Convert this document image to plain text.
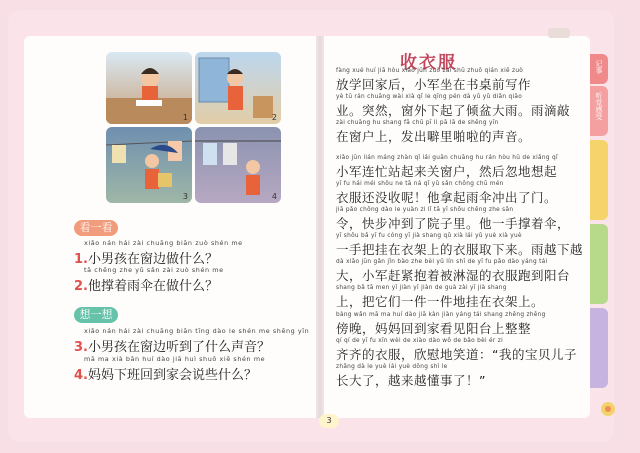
1	2
3	4
看一看
xiǎo nán hái zài chuāng biān zuò shén me
1.小男孩在窗边做什么？
tā chēng zhe yǔ sǎn zài zuò shén me
2.他撑着雨伞在做什么？
想一想
xiǎo nán hái zài chuāng biān tīng dào le shén me shēng yīn
3.小男孩在窗边听到了什么声音？
mā ma xià bān huí dào jiā huì shuō xiē shén me
4.妈妈下班回到家会说些什么？
收衣服
fàng xué huí jiā hòu xiǎo jūn zuò zài shū zhuō qián xiě zuò
放学回家后，小军坐在书桌前写作
yè tū rán chuāng wài xià qǐ le qīng pén dà yǔ yǔ diǎn qiāo
业。突然，窗外下起了倾盆大雨。雨滴敲
zài chuāng hu shang fā chū pī li pā lā de shēng yīn
在窗户上，发出噼里啪啦的声音。
xiǎo jūn lián máng zhàn qǐ lái guān chuāng hu rán hòu hū de xiǎng qǐ
小军连忙站起来关窗户，然后忽地想起
yī fu hái méi shōu ne tā ná qǐ yǔ sǎn chōng chū mén
衣服还没收呢！他拿起雨伞冲出了门。
jiā pǎo chōng dào le yuàn zi lǐ tā yī shǒu chēng zhe sǎn
令，快步冲到了院子里。他一手撑着伞，
yī shǒu bǎ yī fu cóng yī jià shang qǔ xià lái yǔ yuè xià yuè
一手把挂在衣架上的衣服取下来。雨越下越
dà xiǎo jūn gǎn jǐn bào zhe bèi yǔ lín shī de yī fu pǎo dào yáng tái
大，小军赶紧抱着被淋湿的衣服跑到阳台
shang bǎ tā men yī jiàn yī jiàn de guà zài yī jià shang
上，把它们一件一件地挂在衣架上。
bàng wǎn mā ma huí dào jiā kàn jiàn yáng tái shang zhěng zhěng
傍晚，妈妈回到家看见阳台上整整
qí qí de yī fu xīn wèi de xiào dào wǒ de bǎo bèi ér zi
齐齐的衣服，欣慰地笑道：“我的宝贝儿子
zhǎng dà le yuè lái yuè dǒng shì le
长大了，越来越懂事了！”
记事
听觉感受
3
